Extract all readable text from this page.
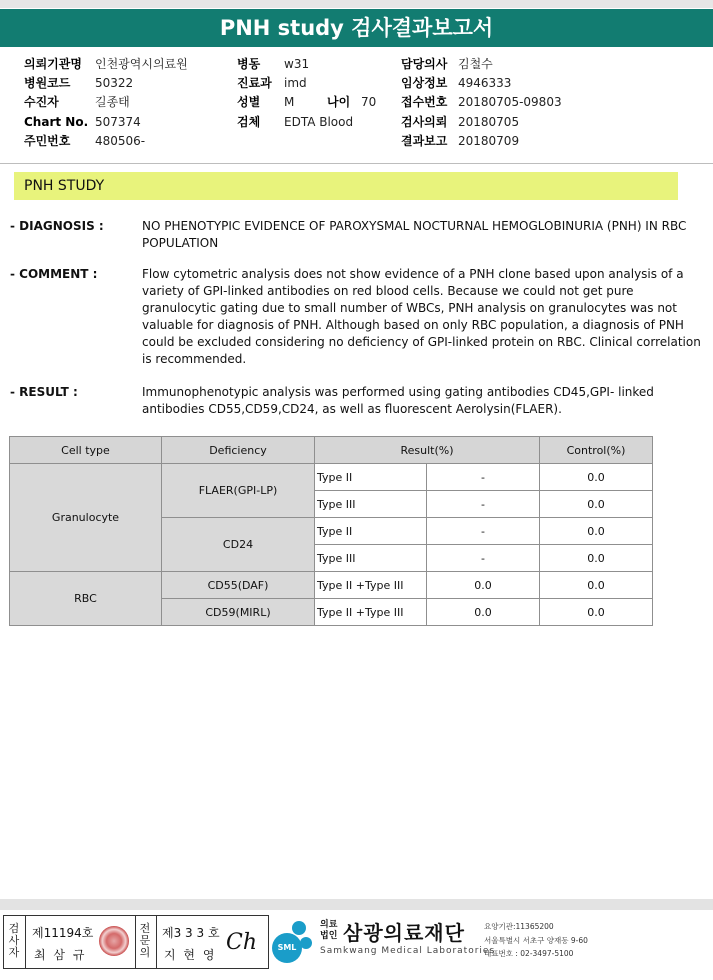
PNH study 검사결과보고서
의뢰기관명 인천광역시의료원
병원코드 50322
수진자	길종태
Chart No. 507374
주민번호 480506-
병동 w31
진료과 imd
성별 M	나이 70
검체 EDTA Blood
담당의사 김철수
임상정보 4946333
접수번호 20180705-09803
검사의뢰 20180705
결과보고 20180709
PNH STUDY
- DIAGNOSIS :	NO PHENOTYPIC EVIDENCE OF PAROXYSMAL NOCTURNAL HEMOGLOBINURIA (PNH) IN RBC POPULATION
- COMMENT :	Flow cytometric analysis does not show evidence of a PNH clone based upon analysis of a variety of GPI-linked antibodies on red blood cells. Because we could not get pure granulocytic gating due to small number of WBCs, PNH analysis on granulocytes was not valuable for diagnosis of PNH. Although based on only RBC population, a diagnosis of PNH could be excluded considering no deficiency of GPI-linked protein on RBC. Clinical correlation is recommended.
- RESULT :	Immunophenotypic analysis was performed using gating antibodies CD45,GPI- linked antibodies CD55,CD59,CD24, as well as fluorescent Aerolysin(FLAER).
Cell type	Deficiency	Result(%)		Control(%)
Granulocyte	FLAER(GPI-LP)	Type II	-	0.0
		Type III	-	0.0
	CD24	Type II	-	0.0
		Type III	-	0.0
RBC	CD55(DAF)	Type II +Type III	0.0	0.0
	CD59(MIRL)	Type II +Type III	0.0	0.0
검사자
제11194호
최 삼 규
전문의
제3 3 3 호
지 현 영 Ch	SML
의료법인 삼광의료재단
Samkwang Medical Laboratories
요양기관:11365200
서울특별시 서초구 양재동 9-60
대표번호 : 02-3497-5100
